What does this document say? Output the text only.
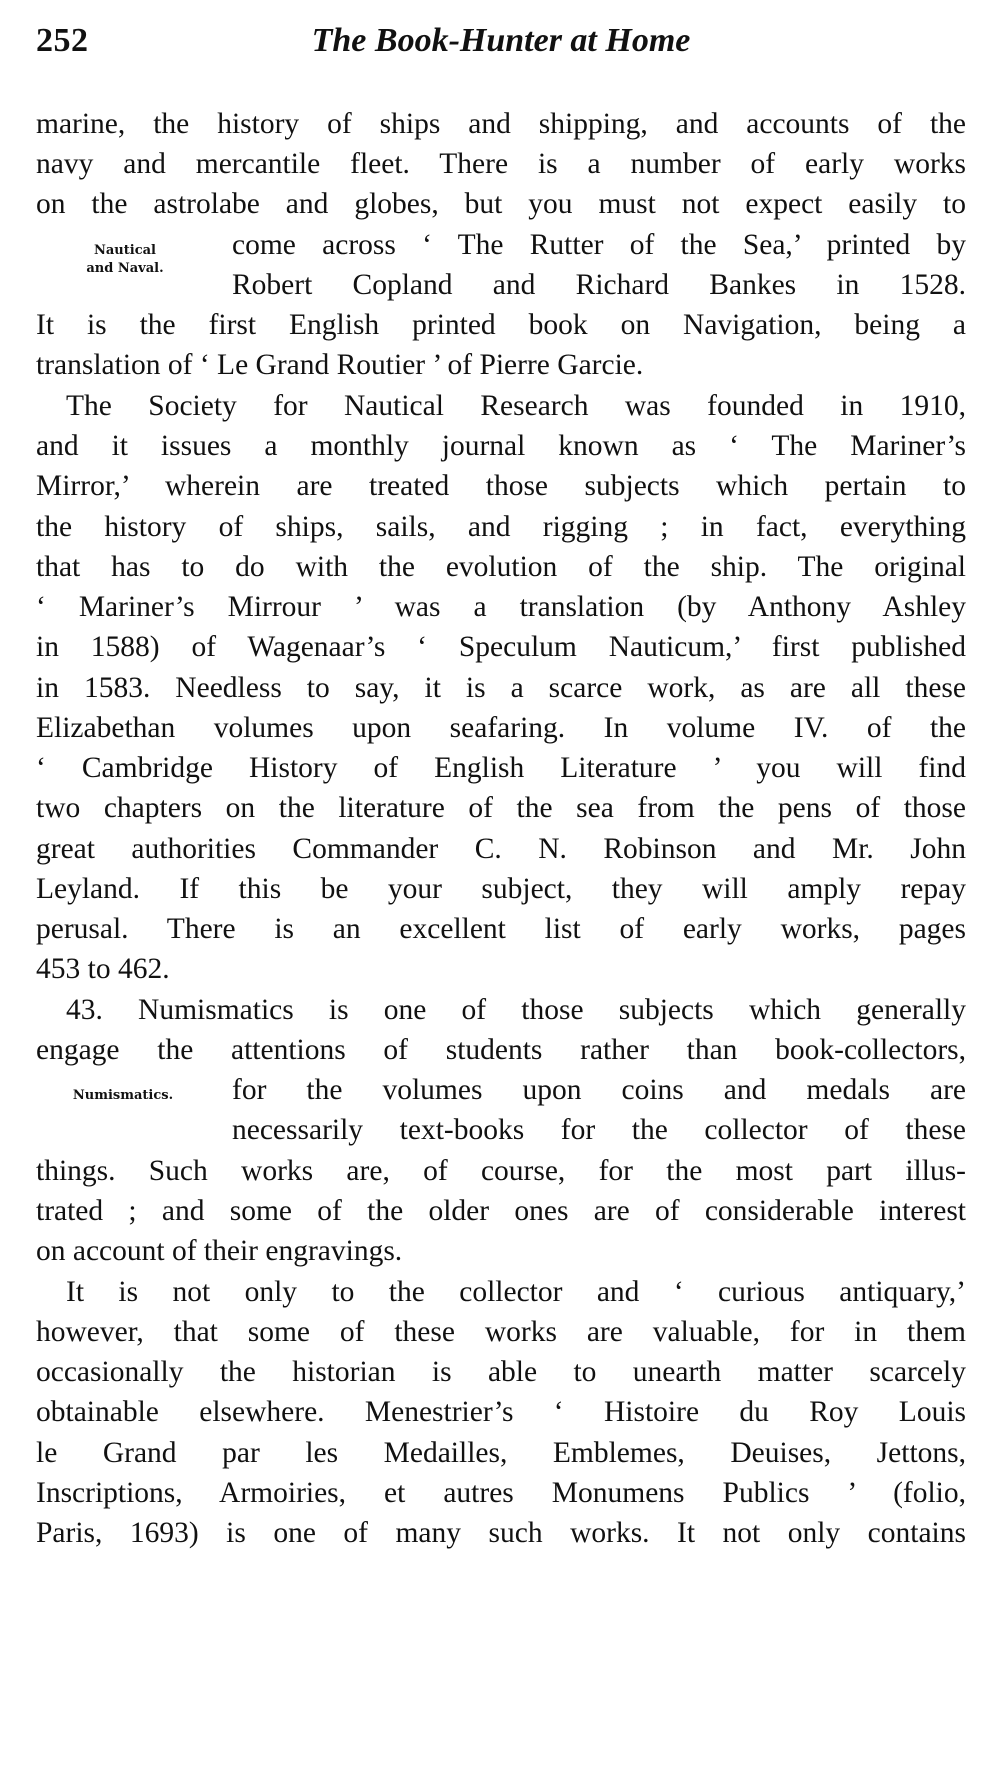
252	The Book-Hunter at Home
Nautical
and Naval.
Numismatics.
marine, the history of ships and shipping, and accounts of the
navy and mercantile fleet. There is a number of early works
on the astrolabe and globes, but you must not expect easily to
come across ‘ The Rutter of the Sea,’ printed by
Robert Copland and Richard Bankes in 1528.
It is the first English printed book on Navigation, being a
translation of ‘ Le Grand Routier ’ of Pierre Garcie.
The Society for Nautical Research was founded in 1910,
and it issues a monthly journal known as ‘ The Mariner’s
Mirror,’ wherein are treated those subjects which pertain to
the history of ships, sails, and rigging ; in fact, everything
that has to do with the evolution of the ship. The original
‘ Mariner’s Mirrour ’ was a translation (by Anthony Ashley
in 1588) of Wagenaar’s ‘ Speculum Nauticum,’ first published
in 1583. Needless to say, it is a scarce work, as are all these
Elizabethan volumes upon seafaring. In volume IV. of the
‘ Cambridge History of English Literature ’ you will find
two chapters on the literature of the sea from the pens of those
great authorities Commander C. N. Robinson and Mr. John
Leyland. If this be your subject, they will amply repay
perusal. There is an excellent list of early works, pages
453 to 462.
43. Numismatics is one of those subjects which generally
engage the attentions of students rather than book-collectors,
for the volumes upon coins and medals are
necessarily text-books for the collector of these
things. Such works are, of course, for the most part illus-
trated ; and some of the older ones are of considerable interest
on account of their engravings.
It is not only to the collector and ‘ curious antiquary,’
however, that some of these works are valuable, for in them
occasionally the historian is able to unearth matter scarcely
obtainable elsewhere. Menestrier’s ‘ Histoire du Roy Louis
le Grand par les Medailles, Emblemes, Deuises, Jettons,
Inscriptions, Armoiries, et autres Monumens Publics ’ (folio,
Paris, 1693) is one of many such works. It not only contains
